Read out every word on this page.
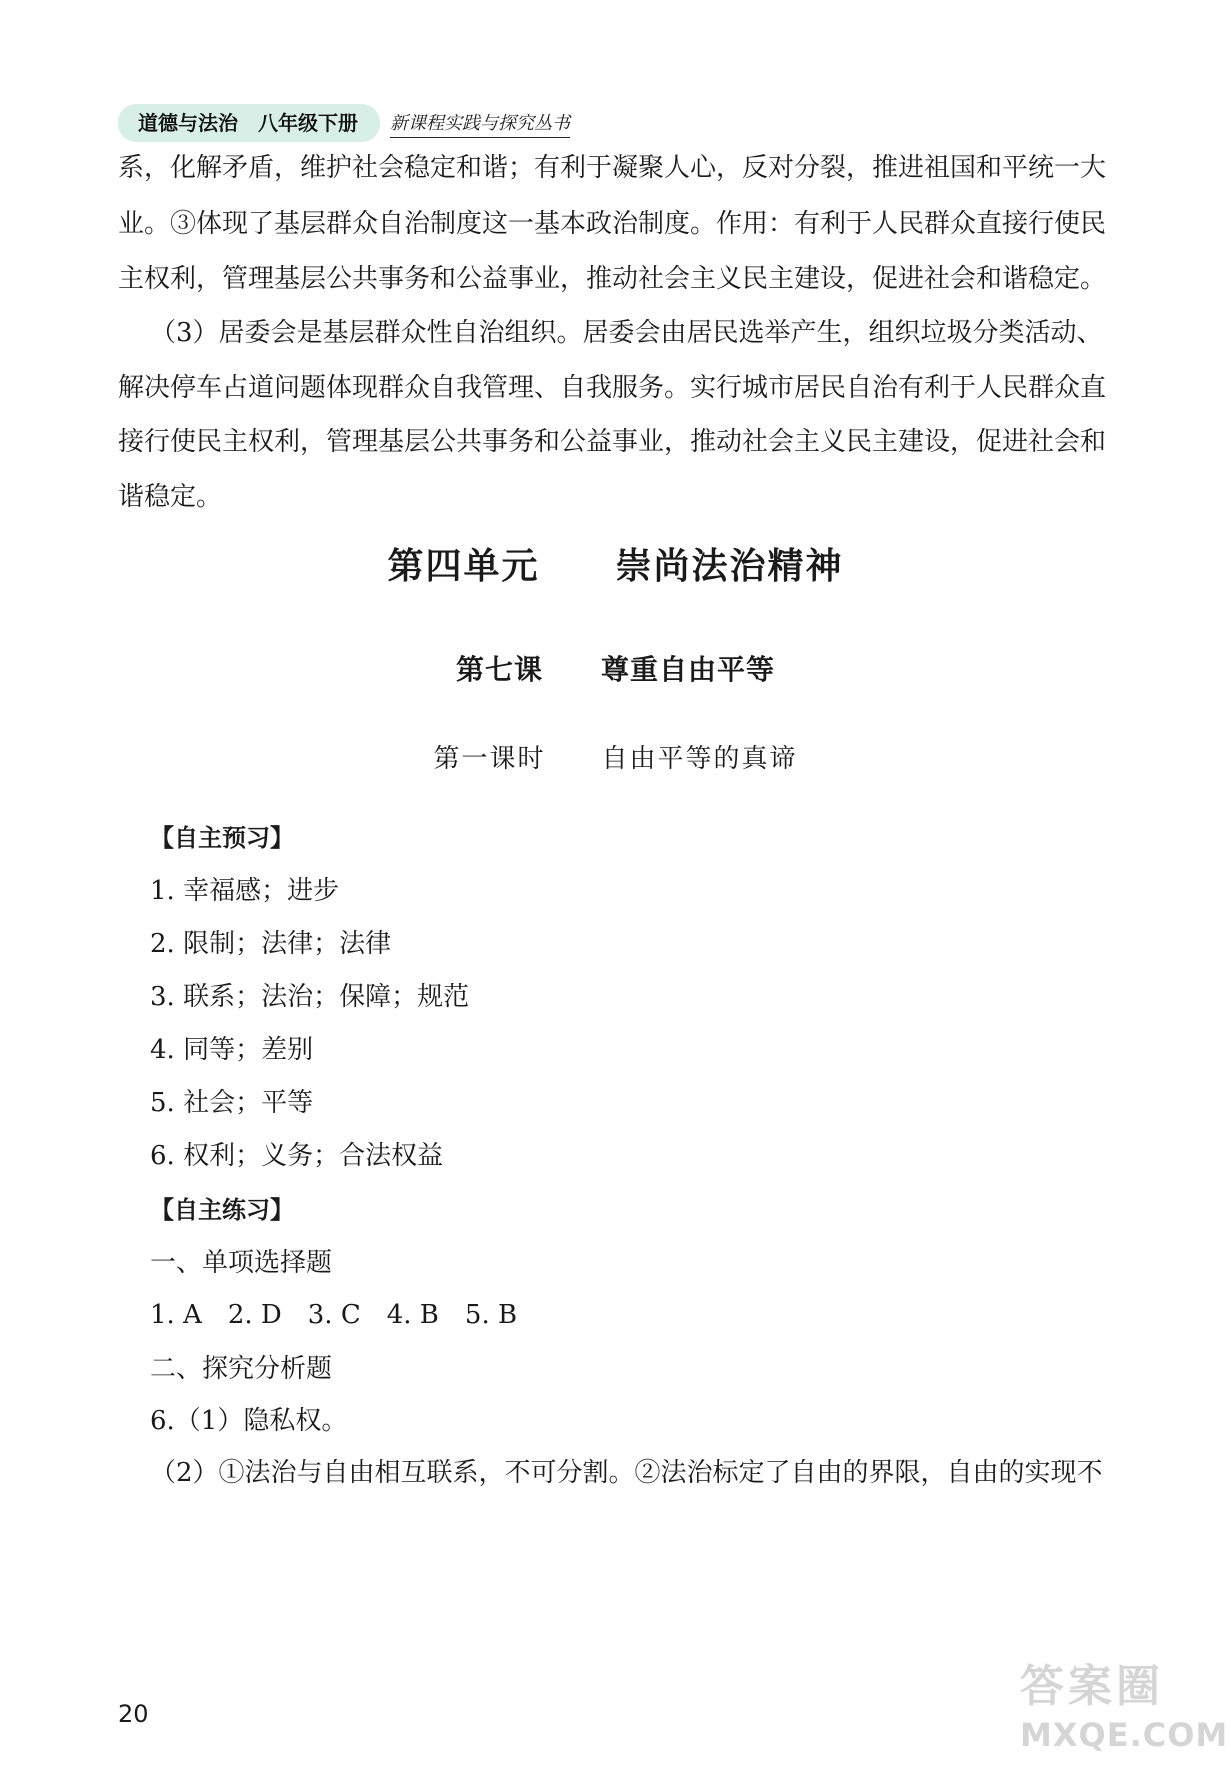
道德与法治　八年级下册	新课程实践与探究丛书

系，化解矛盾，维护社会稳定和谐；有利于凝聚人心，反对分裂，推进祖国和平统一大

业。③体现了基层群众自治制度这一基本政治制度。作用：有利于人民群众直接行使民

主权利，管理基层公共事务和公益事业，推动社会主义民主建设，促进社会和谐稳定。

（3）居委会是基层群众性自治组织。居委会由居民选举产生，组织垃圾分类活动、

解决停车占道问题体现群众自我管理、自我服务。实行城市居民自治有利于人民群众直

接行使民主权利，管理基层公共事务和公益事业，推动社会主义民主建设，促进社会和

谐稳定。

第四单元　　崇尚法治精神
第七课　　尊重自由平等
第一课时　　自由平等的真谛
【自主预习】

1. 幸福感；进步

2. 限制；法律；法律

3. 联系；法治；保障；规范

4. 同等；差别

5. 社会；平等

6. 权利；义务；合法权益

【自主练习】

一、单项选择题

1. A　2. D　3. C　4. B　5. B

二、探究分析题

6.（1）隐私权。

（2）①法治与自由相互联系，不可分割。②法治标定了自由的界限，自由的实现不

20
答案圈
MXQE.COM
